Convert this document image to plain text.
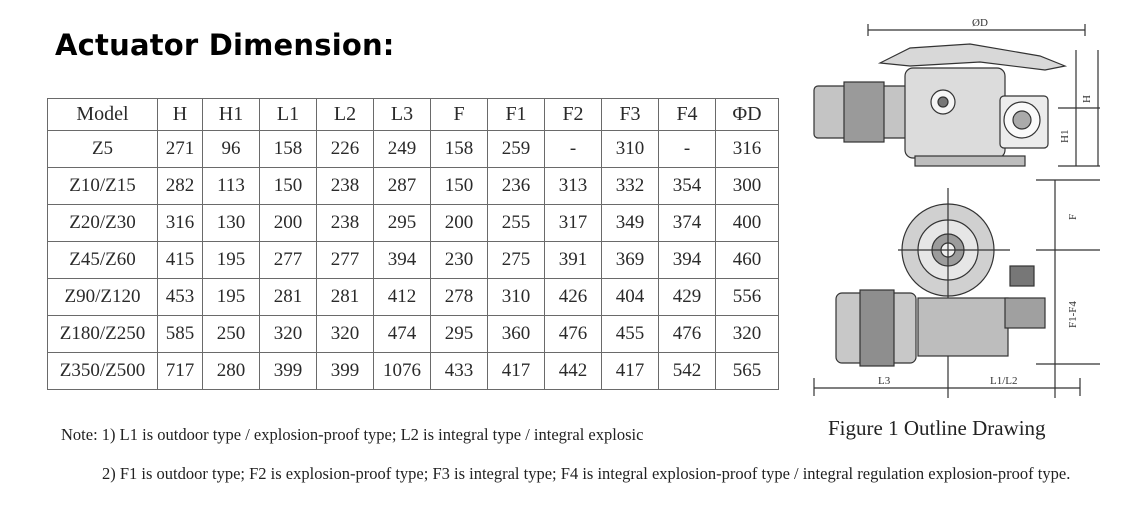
Actuator Dimension:
Model	H	H1	L1	L2	L3	F	F1	F2	F3	F4	ΦD
Z5	271	96	158	226	249	158	259	-	310	-	316
Z10/Z15	282	113	150	238	287	150	236	313	332	354	300
Z20/Z30	316	130	200	238	295	200	255	317	349	374	400
Z45/Z60	415	195	277	277	394	230	275	391	369	394	460
Z90/Z120	453	195	281	281	412	278	310	426	404	429	556
Z180/Z250	585	250	320	320	474	295	360	476	455	476	320
Z350/Z500	717	280	399	399	1076	433	417	442	417	542	565
ØD
H
H1
F
F1-F4
L3	L1/L2
Figure 1 Outline Drawing
Note: 1) L1 is outdoor type / explosion-proof type; L2 is integral type / integral explosic
2) F1 is outdoor type; F2 is explosion-proof type; F3 is integral type; F4 is integral explosion-proof type / integral regulation explosion-proof type.
